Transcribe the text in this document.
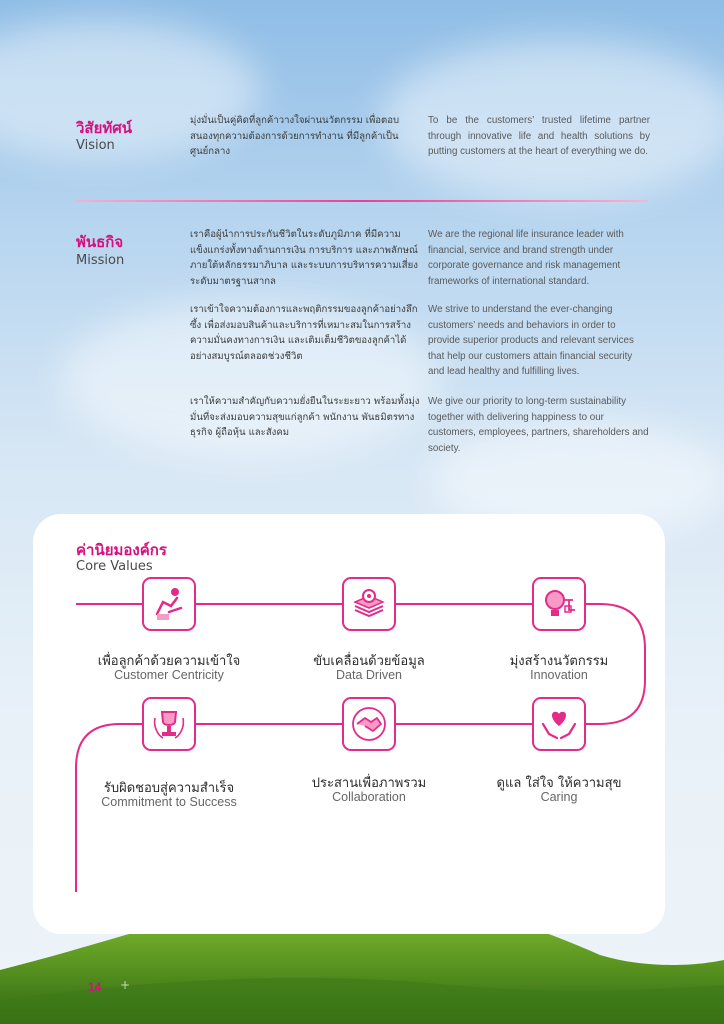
วิสัยทัศน์
Vision
มุ่งมั่นเป็นคู่คิดที่ลูกค้าวางใจผ่านนวัตกรรม เพื่อตอบสนองทุกความต้องการด้วยการทำงาน ที่มีลูกค้าเป็นศูนย์กลาง
To be the customers’ trusted lifetime partner through innovative life and health solutions by putting customers at the heart of everything we do.
พันธกิจ
Mission
เราคือผู้นำการประกันชีวิตในระดับภูมิภาค ที่มีความแข็งแกร่งทั้งทางด้านการเงิน การบริการ และภาพลักษณ์ ภายใต้หลักธรรมาภิบาล และระบบการบริหารความเสี่ยงระดับมาตรฐานสากล
We are the regional life insurance leader with financial, service and brand strength under corporate governance and risk management frameworks of international standard.
เราเข้าใจความต้องการและพฤติกรรมของลูกค้าอย่างลึกซึ้ง เพื่อส่งมอบสินค้าและบริการที่เหมาะสมในการสร้างความมั่นคงทางการเงิน และเติมเต็มชีวิตของลูกค้าได้อย่างสมบูรณ์ตลอดช่วงชีวิต
We strive to understand the ever-changing customers’ needs and behaviors in order to provide superior products and relevant services that help our customers attain financial security and lead healthy and fulfilling lives.
เราให้ความสำคัญกับความยั่งยืนในระยะยาว พร้อมทั้งมุ่งมั่นที่จะส่งมอบความสุขแก่ลูกค้า พนักงาน พันธมิตรทางธุรกิจ ผู้ถือหุ้น และสังคม
We give our priority to long-term sustainability together with delivering happiness to our customers, employees, partners, shareholders and society.
ค่านิยมองค์กร
Core Values
เพื่อลูกค้าด้วยความเข้าใจ
Customer Centricity
ขับเคลื่อนด้วยข้อมูล
Data Driven
มุ่งสร้างนวัตกรรม
Innovation
ดูแล ใส่ใจ ให้ความสุข
Caring
ประสานเพื่อภาพรวม
Collaboration
รับผิดชอบสู่ความสำเร็จ
Commitment to Success
14 +
